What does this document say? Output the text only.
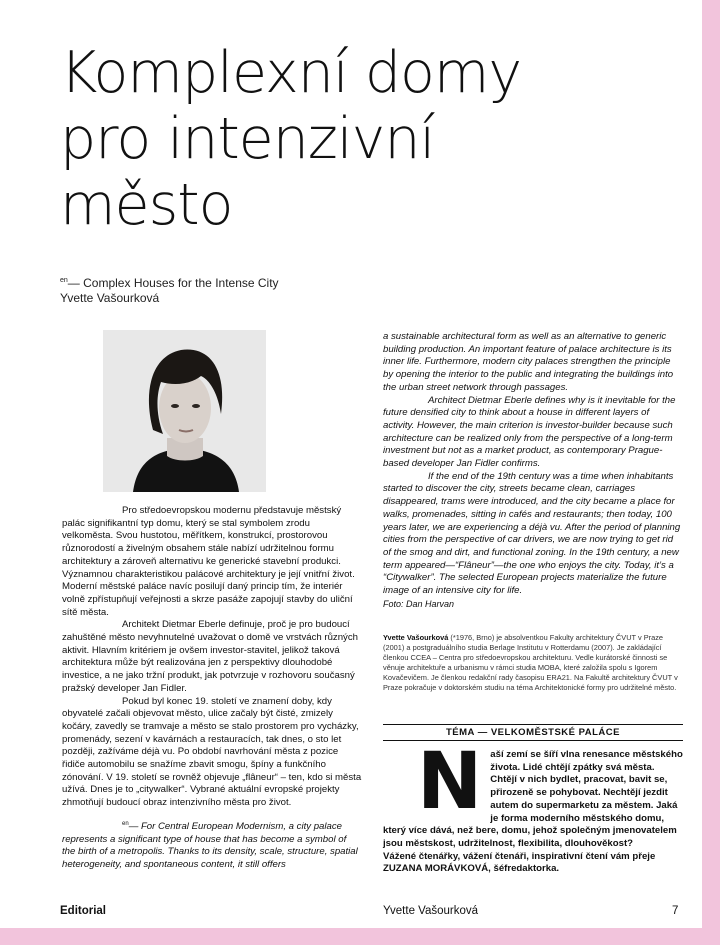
Komplexní domy
pro intenzivní
město
$^{en}$— Complex Houses for the Intense City
Yvette Vašourková

Pro středoevropskou modernu představuje městský palác signifikantní typ domu, který se stal symbolem zrodu velkoměsta. Svou hustotou, měřítkem, konstrukcí, prostorovou různorodostí a živelným obsahem stále nabízí udržitelnou formu architektury a zároveň alternativu ke generické stavební produkci. Významnou charakteristikou palácové architektury je její vnitřní život. Moderní městské paláce navíc posilují daný princip tím, že interiér volně zpřístupňují veřejnosti a skrze pasáže zapojují stavby do uliční sítě města.

Architekt Dietmar Eberle definuje, proč je pro budoucí zahuštěné město nevyhnutelné uvažovat o domě ve vrstvách různých aktivit. Hlavním kritériem je ovšem investor-stavitel, jelikož taková architektura může být realizována jen z perspektivy dlouhodobé investice, a ne jako tržní produkt, jak potvrzuje v rozhovoru současný pražský developer Jan Fidler.

Pokud byl konec 19. století ve znamení doby, kdy obyvatelé začali objevovat město, ulice začaly být čisté, zmizely kočáry, zavedly se tramvaje a město se stalo prostorem pro vycházky, promenády, sezení v kavárnách a restauracích, tak dnes, o sto let později, zažíváme déjà vu. Po období navrhování města z pozice řidiče automobilu se snažíme zbavit smogu, špíny a funkčního zónování. V 19. století se rovněž objevuje „flâneur“ – ten, kdo si města užívá. Dnes je to „citywalker“. Vybrané aktuální evropské projekty zhmotňují budoucí obraz intenzivního města pro život.

$^{en}$— For Central European Modernism, a city palace represents a significant type of house that has become a symbol of the birth of a metropolis. Thanks to its density, scale, structure, spatial heterogeneity, and spontaneous content, it still offers

a sustainable architectural form as well as an alternative to generic building production. An important feature of palace architecture is its inner life. Furthermore, modern city palaces strengthen the principle by opening the interior to the public and integrating the buildings into the urban street network through passages.

Architect Dietmar Eberle defines why is it inevitable for the future densified city to think about a house in different layers of activity. However, the main criterion is investor-builder because such architecture can be realized only from the perspective of a long-term investment but not as a market product, as contemporary Prague-based developer Jan Fidler confirms.

If the end of the 19th century was a time when inhabitants started to discover the city, streets became clean, carriages disappeared, trams were introduced, and the city became a place for walks, promenades, sitting in cafés and restaurants; then today, 100 years later, we are experiencing a déjà vu. After the period of planning cities from the perspective of car drivers, we are now trying to get rid of the smog and dirt, and functional zoning. In the 19th century, a new term appeared—“Flâneur”—the one who enjoys the city. Today, it’s a “Citywalker”. The selected European projects materialize the future image of an intensive city for life.

Foto: Dan Harvan

Yvette Vašourková (*1976, Brno) je absolventkou Fakulty architektury ČVUT v Praze (2001) a postgraduálního studia Berlage Institutu v Rotterdamu (2007). Je zakládající členkou CCEA – Centra pro středoevropskou architekturu. Vedle kurátorské činnosti se věnuje architektuře a urbanismu v rámci studia MOBA, které založila spolu s Igorem Kovačevičem. Je členkou redakční rady časopisu ERA21. Na Fakultě architektury ČVUT v Praze pokračuje v doktorském studiu na téma Architektonické formy pro udržitelné město.
TÉMA — VELKOMĚSTSKÉ PALÁCE
Naší zemí se šíří vlna renesance městského života. Lidé chtějí zpátky svá města. Chtějí v nich bydlet, pracovat, bavit se, přirozeně se pohybovat. Nechtějí jezdit autem do supermarketu za městem. Jaká je forma moderního městského domu, který více dává, než bere, domu, jehož společným jmenovatelem jsou městskost, udržitelnost, flexibilita, dlouhověkost?
Vážené čtenářky, vážení čtenáři, inspirativní čtení vám přeje ZUZANA MORÁVKOVÁ, šéfredaktorka.
Editorial	Yvette Vašourková	7
